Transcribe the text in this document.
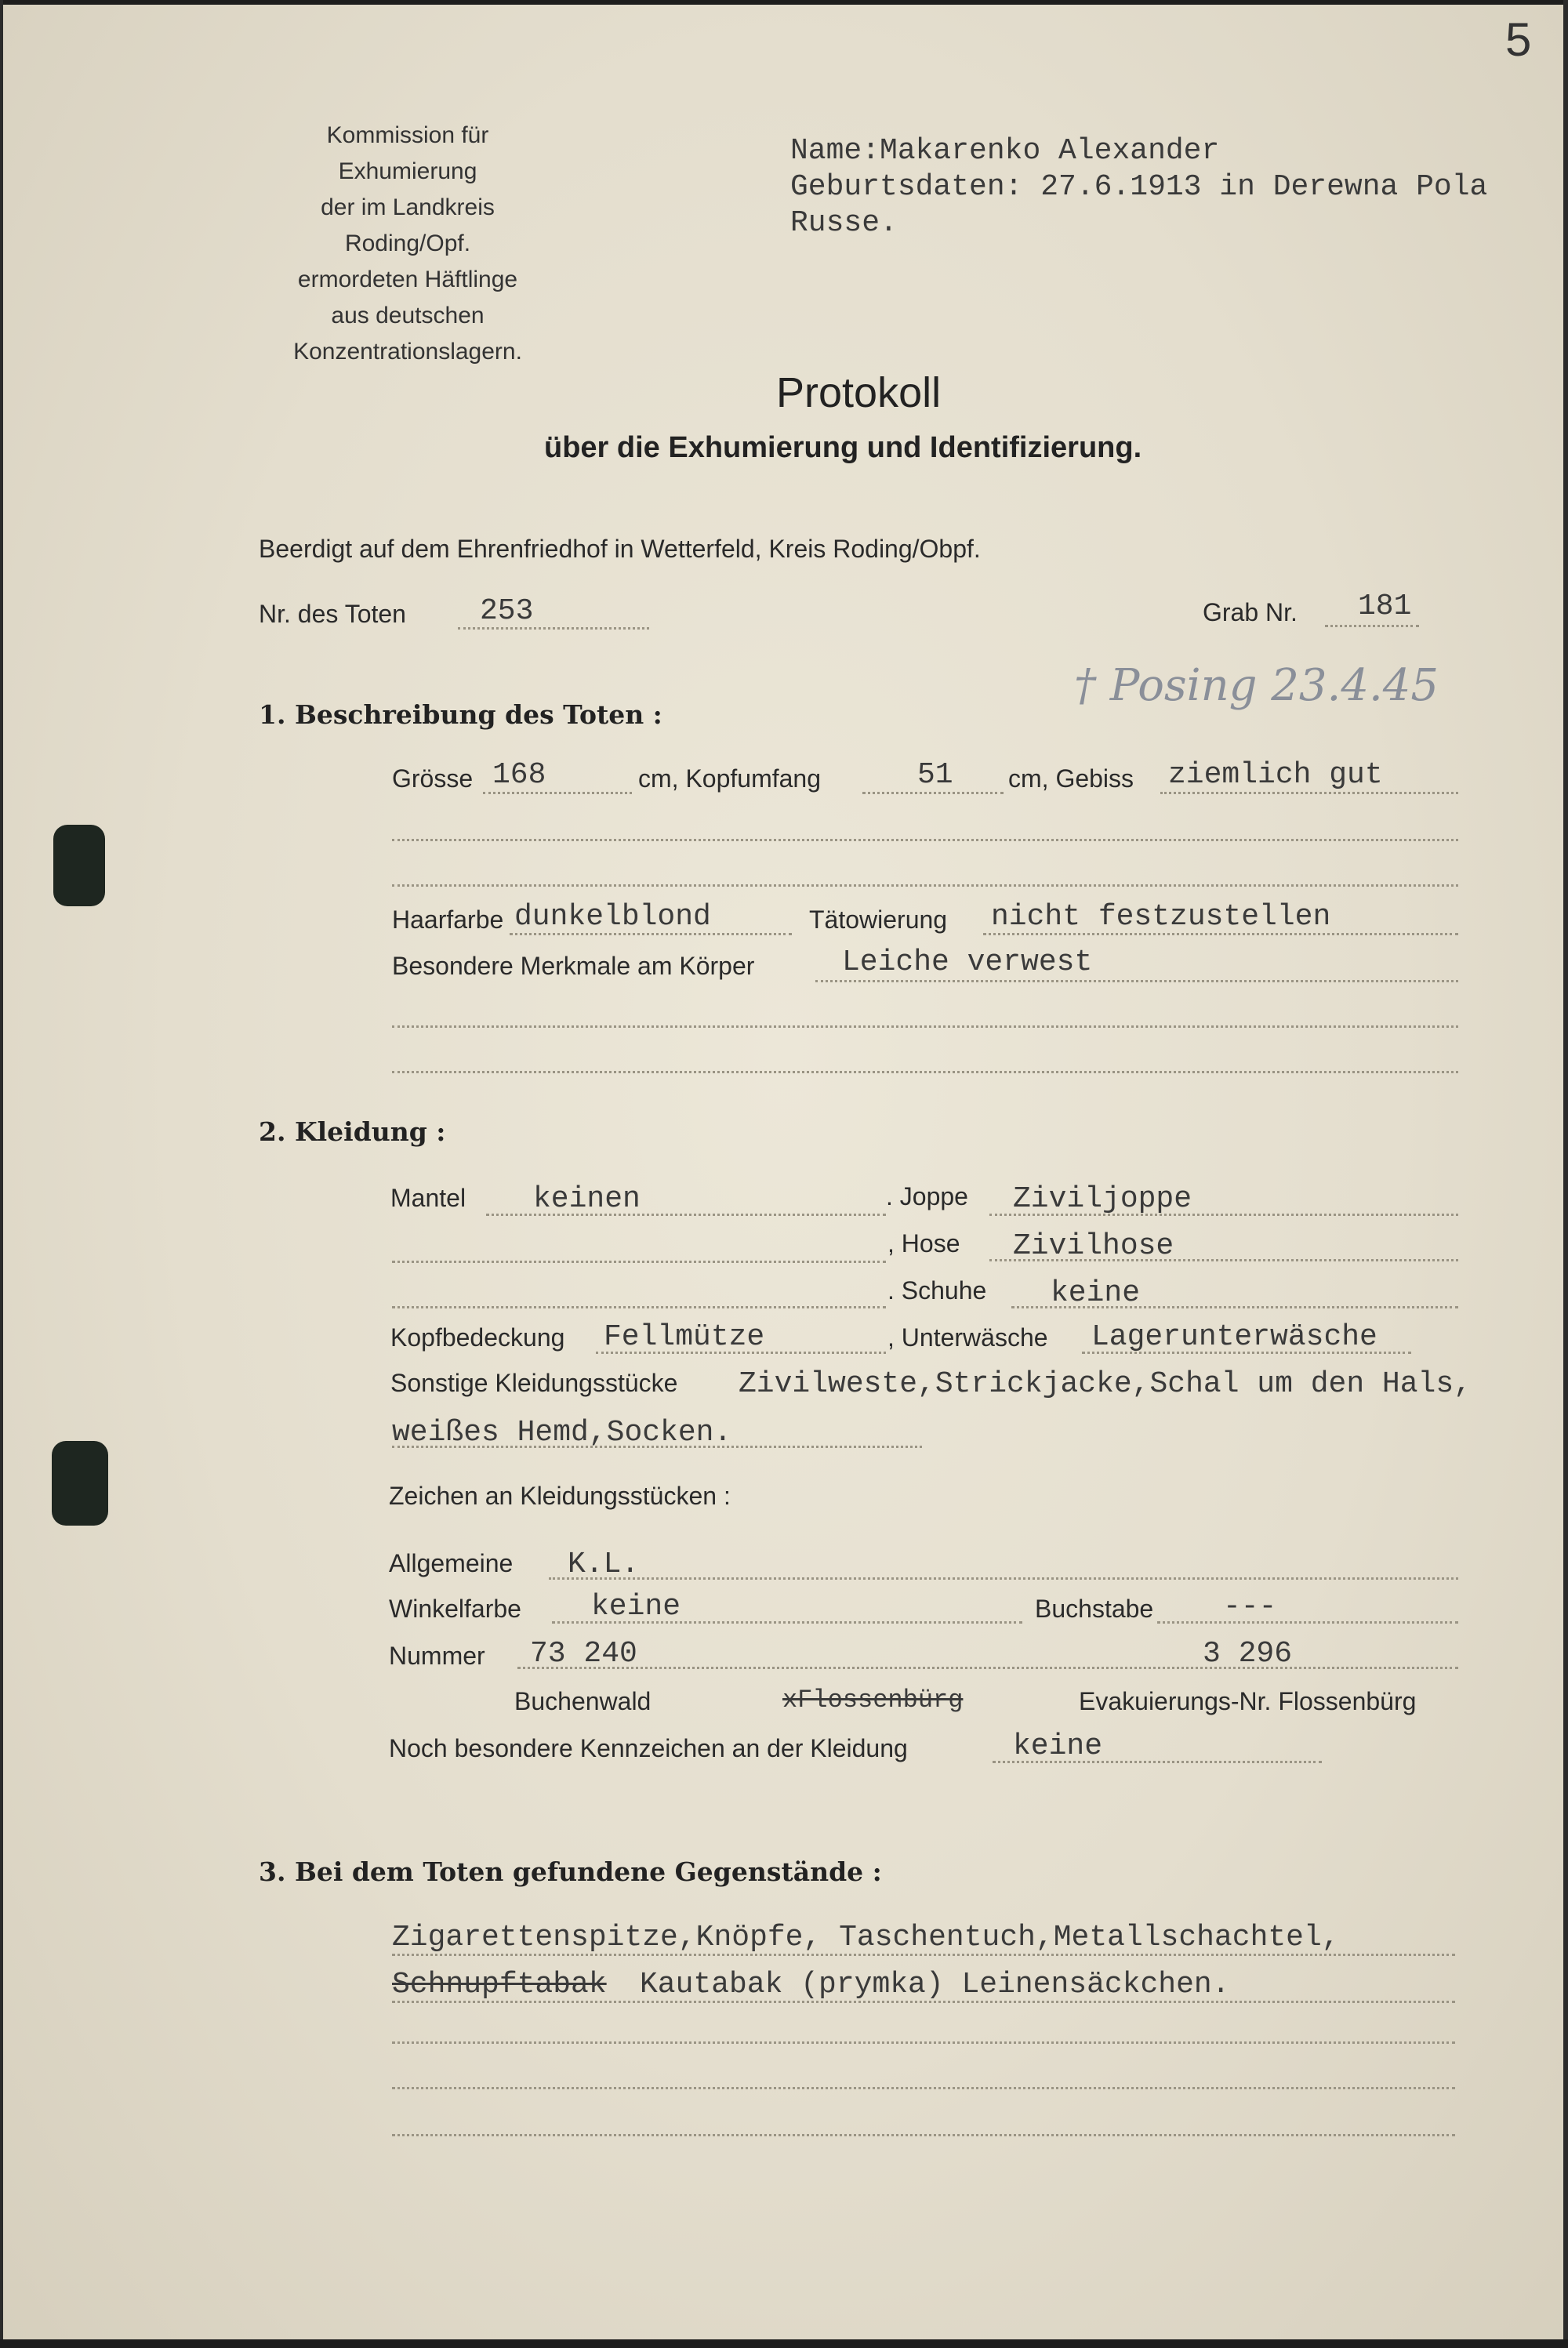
5
Kommission für Exhumierung
der im Landkreis Roding/Opf.
ermordeten Häftlinge
aus deutschen Konzentrationslagern.
Name:Makarenko Alexander
Geburtsdaten: 27.6.1913 in Derewna Pola
Russe.
Protokoll
über die Exhumierung und Identifizierung.
Beerdigt auf dem Ehrenfriedhof in Wetterfeld, Kreis Roding/Obpf.
Nr. des Toten 253	Grab Nr. 181
† Posing 23.4.45
1. Beschreibung des Toten :
Grösse 168	cm, Kopfumfang	51 cm, Gebiss ziemlich gut
Haarfarbe dunkelblond	Tätowierung nicht festzustellen
Besondere Merkmale am Körper	Leiche verwest
2. Kleidung :
Mantel keinen	. Joppe Ziviljoppe
, Hose Zivilhose
. Schuhe keine
Kopfbedeckung Fellmütze	, Unterwäsche Lagerunterwäsche
Sonstige Kleidungsstücke Zivilweste,Strickjacke,Schal um den Hals,
weißes Hemd,Socken.
Zeichen an Kleidungsstücken :
Allgemeine K.L.
Winkelfarbe keine	Buchstabe ---
Nummer 73 240	3 296
Buchenwald	xFlossenbürg	Evakuierungs-Nr. Flossenbürg
Noch besondere Kennzeichen an der Kleidung	keine
3. Bei dem Toten gefundene Gegenstände :
Zigarettenspitze,Knöpfe, Taschentuch,Metallschachtel,
Schnupftabak Kautabak (prymka) Leinensäckchen.
